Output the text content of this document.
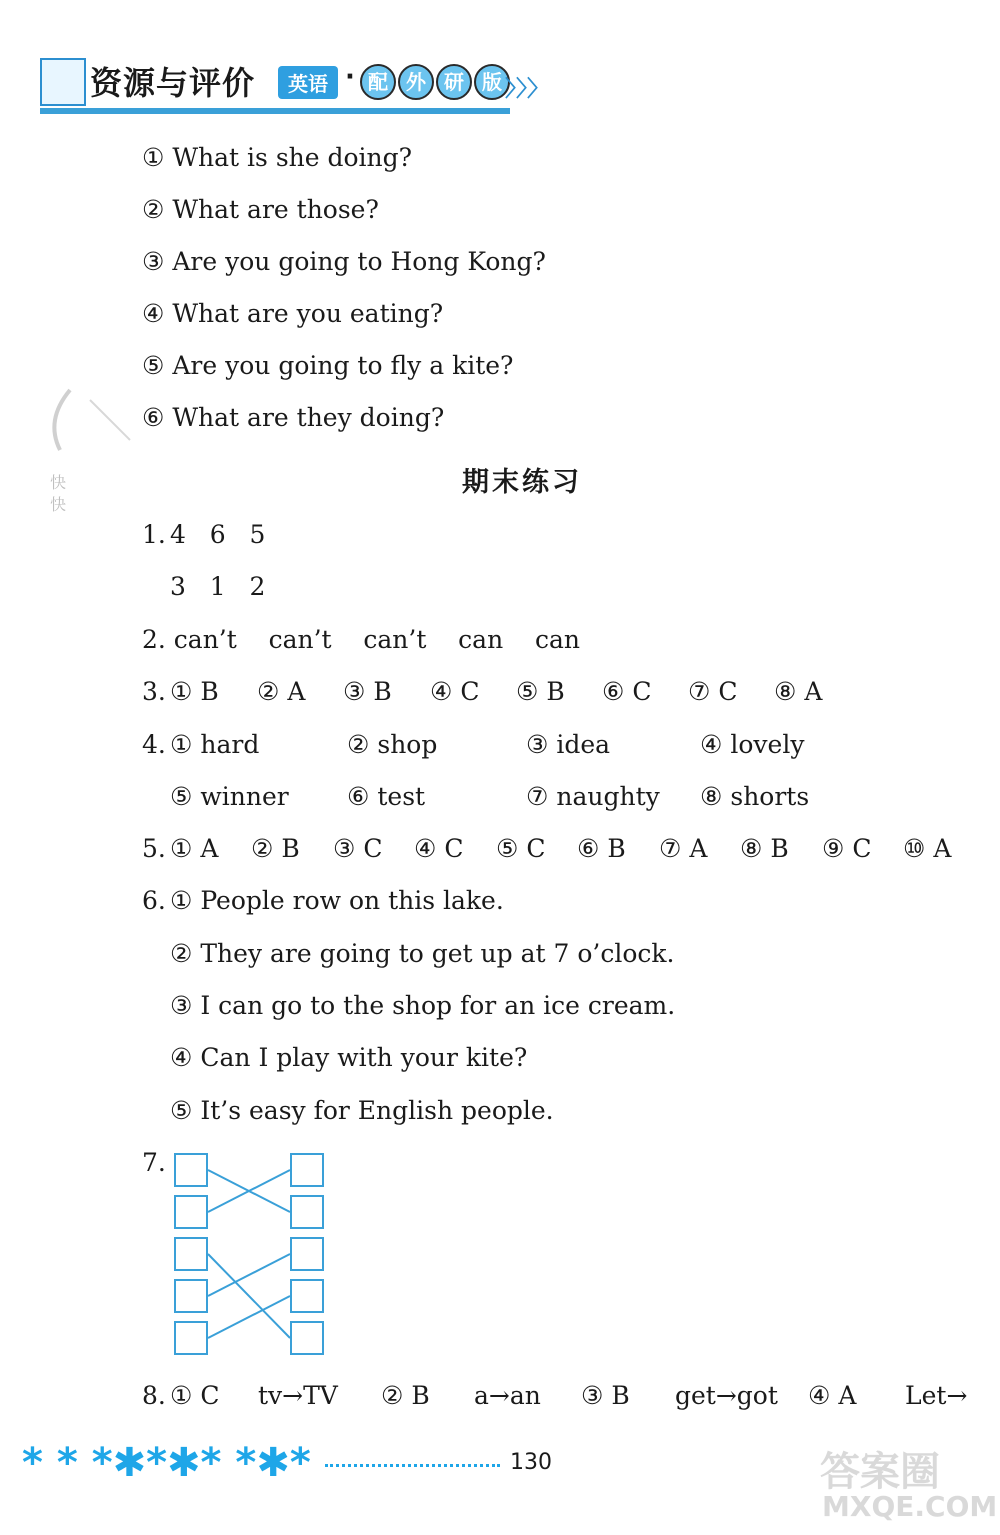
资源与评价	英语 · 配 外 研 版 〉〉〉
① What is she doing?
② What are those?
③ Are you going to Hong Kong?
④ What are you eating?
⑤ Are you going to fly a kite?
⑥ What are they doing?
快
快
期末练习
1. 4   6   5
3   1   2
2. can’t    can’t    can’t    can    can
3. ① B ② A ③ B ④ C ⑤ B ⑥ C ⑦ C ⑧ A
4. ① hard	② shop	③ idea	④ lovely
⑤ winner ⑥ test	⑦ naughty ⑧ shorts
5. ① A ② B ③ C ④ C ⑤ C ⑥ B ⑦ A ⑧ B ⑨ C ⑩ A
6. ① People row on this lake.
② They are going to get up at 7 o’clock.
③ I can go to the shop for an ice cream.
④ Can I play with your kite?
⑤ It’s easy for English people.
7.
8. ① C tv→TV ② B a→an ③ B get→got ④ A Let→
* * *✱*✱* *✱*	130	答案圈
MXQE.COM
